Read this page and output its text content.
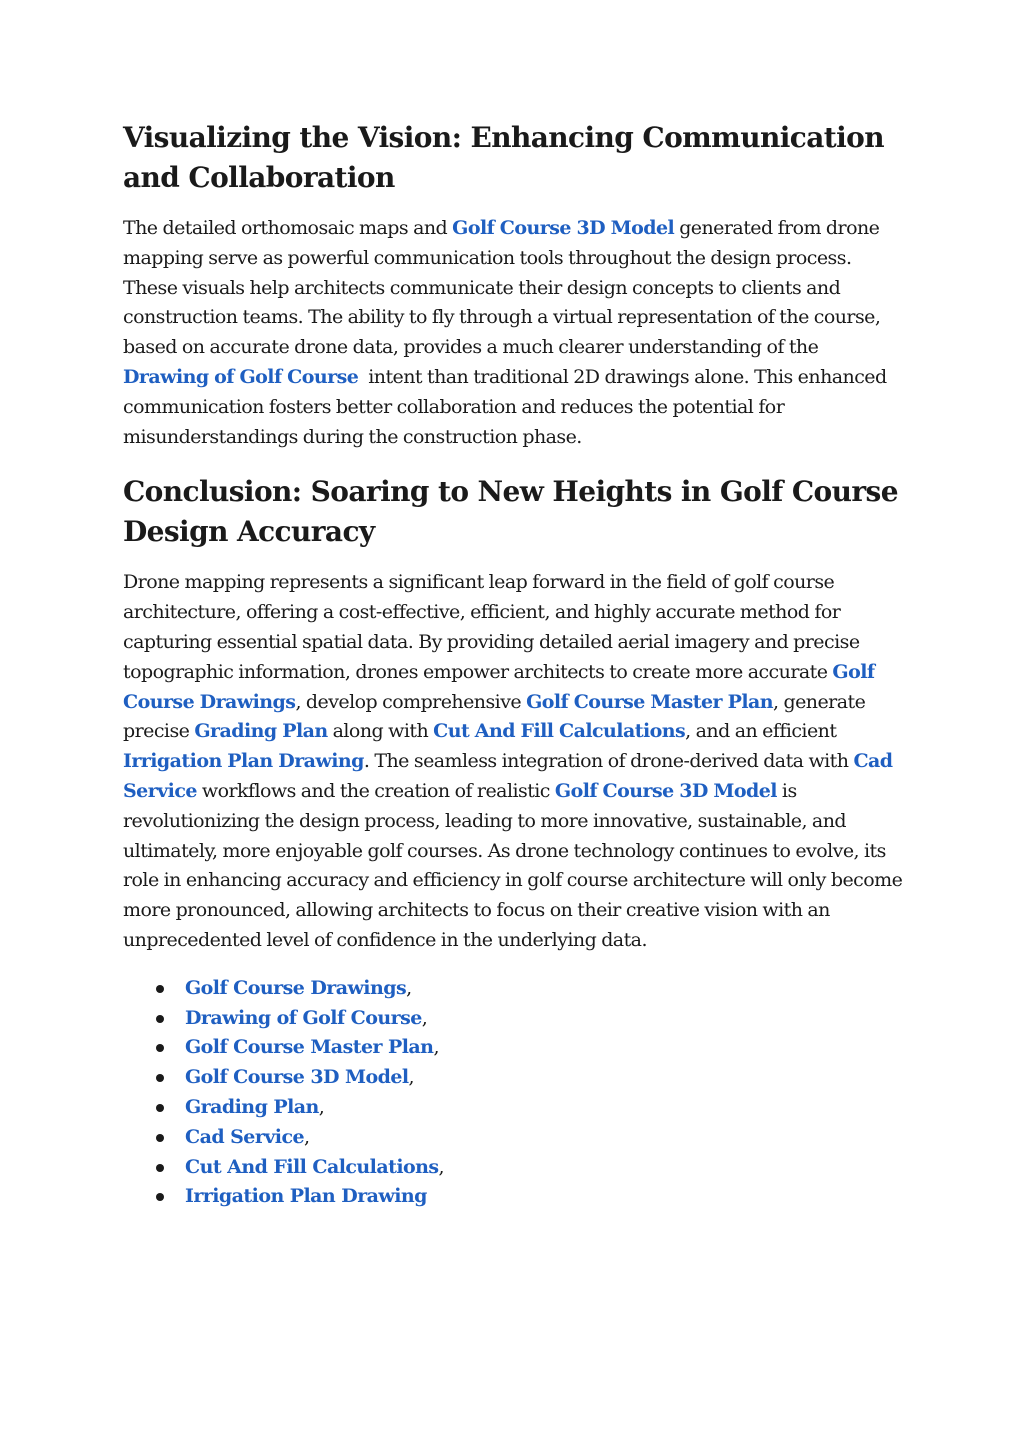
Visualizing the Vision: Enhancing Communication and Collaboration

The detailed orthomosaic maps and Golf Course 3D Model generated from drone mapping serve as powerful communication tools throughout the design process. These visuals help architects communicate their design concepts to clients and construction teams. The ability to fly through a virtual representation of the course, based on accurate drone data, provides a much clearer understanding of the Drawing of Golf Course  intent than traditional 2D drawings alone. This enhanced communication fosters better collaboration and reduces the potential for misunderstandings during the construction phase.

Conclusion: Soaring to New Heights in Golf Course Design Accuracy

Drone mapping represents a significant leap forward in the field of golf course architecture, offering a cost-effective, efficient, and highly accurate method for capturing essential spatial data. By providing detailed aerial imagery and precise topographic information, drones empower architects to create more accurate Golf Course Drawings, develop comprehensive Golf Course Master Plan, generate precise Grading Plan along with Cut And Fill Calculations, and an efficient Irrigation Plan Drawing. The seamless integration of drone-derived data with Cad Service workflows and the creation of realistic Golf Course 3D Model is revolutionizing the design process, leading to more innovative, sustainable, and ultimately, more enjoyable golf courses. As drone technology continues to evolve, its role in enhancing accuracy and efficiency in golf course architecture will only become more pronounced, allowing architects to focus on their creative vision with an unprecedented level of confidence in the underlying data.

Golf Course Drawings,
Drawing of Golf Course,
Golf Course Master Plan,
Golf Course 3D Model,
Grading Plan,
Cad Service,
Cut And Fill Calculations,
Irrigation Plan Drawing
